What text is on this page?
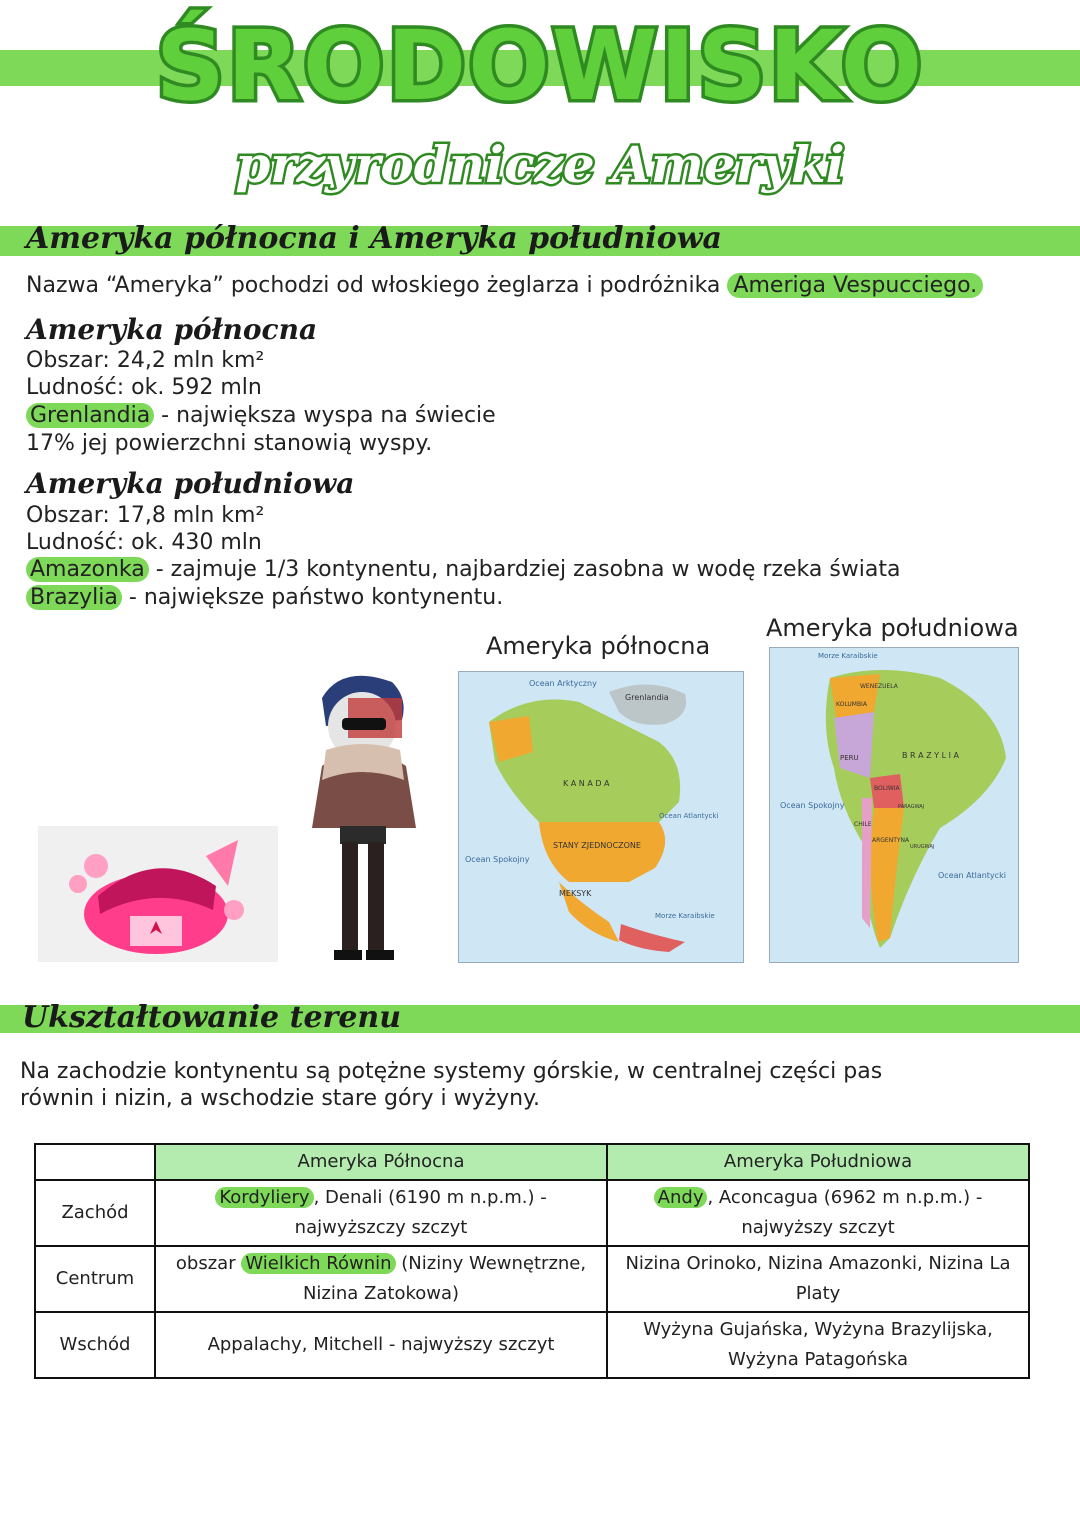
ŚRODOWISKO
przyrodnicze Ameryki
Ameryka północna i Ameryka południowa
Nazwa “Ameryka” pochodzi od włoskiego żeglarza i podróżnika Ameriga Vespucciego.
Ameryka północna
Obszar: 24,2 mln km²
Ludność: ok. 592 mln
Grenlandia - największa wyspa na świecie
17% jej powierzchni stanowią wyspy.
Ameryka południowa
Obszar: 17,8 mln km²
Ludność: ok. 430 mln
Amazonka - zajmuje 1/3 kontynentu, najbardziej zasobna w wodę rzeka świata
Brazylia - największe państwo kontynentu.
Ameryka północna
Ocean Arktyczny
Grenlandia
K A N A D A
STANY ZJEDNOCZONE
Ocean Spokojny
Ocean Atlantycki
MEKSYK
Morze Karaibskie
Ameryka południowa
Morze Karaibskie
WENEZUELA
KOLUMBIA
PERU	B R A Z Y L I A
BOLIWIA
PARAGWAJ
CHILE
ARGENTYNA
URUGWAJ
Ocean Spokojny
Ocean Atlantycki
Ukształtowanie terenu
Na zachodzie kontynentu są potężne systemy górskie, w centralnej części pas
równin i nizin, a wschodzie stare góry i wyżyny.
	Ameryka Północna	Ameryka Południowa
Zachód	Kordyliery , Denali (6190 m n.p.m.) - najwyższczy szczyt	Andy , Aconcagua (6962 m n.p.m.) - najwyższy szczyt
Centrum	obszar Wielkich Równin (Niziny Wewnętrzne, Nizina Zatokowa)	Nizina Orinoko, Nizina Amazonki, Nizina La Platy
Wschód	Appalachy, Mitchell - najwyższy szczyt	Wyżyna Gujańska, Wyżyna Brazylijska, Wyżyna Patagońska
